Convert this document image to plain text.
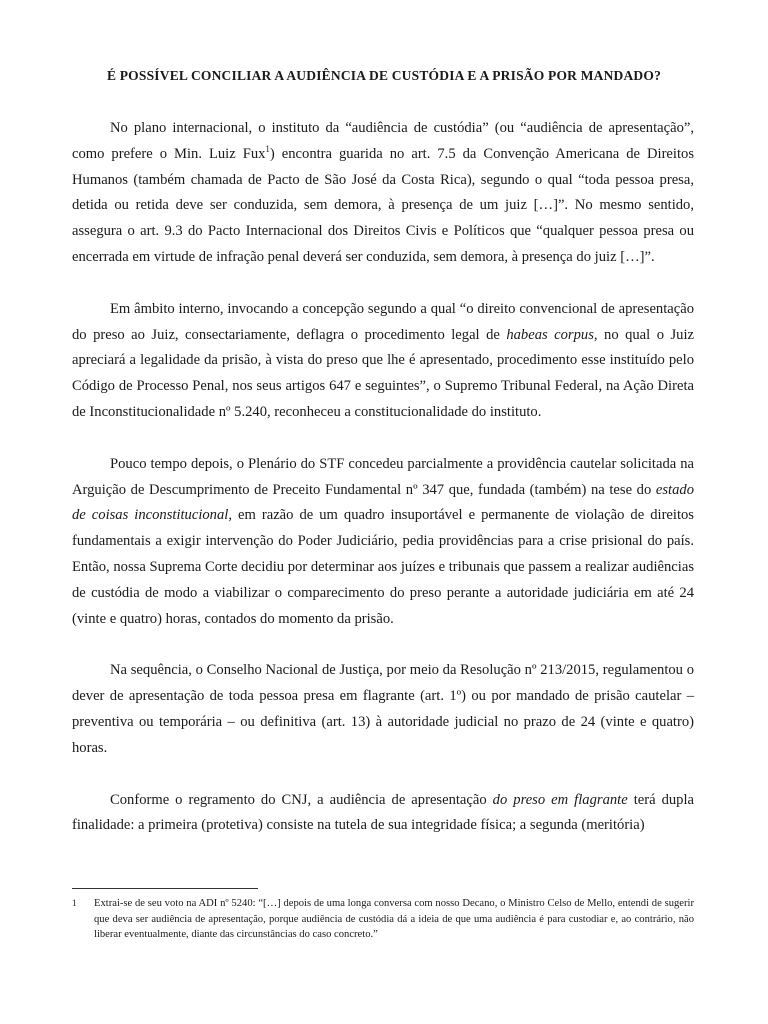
É POSSÍVEL CONCILIAR A AUDIÊNCIA DE CUSTÓDIA E A PRISÃO POR MANDADO?

No plano internacional, o instituto da “audiência de custódia” (ou “audiência de apresentação”, como prefere o Min. Luiz Fux$^1$) encontra guarida no art. 7.5 da Convenção Americana de Direitos Humanos (também chamada de Pacto de São José da Costa Rica), segundo o qual “toda pessoa presa, detida ou retida deve ser conduzida, sem demora, à presença de um juiz […]”. No mesmo sentido, assegura o art. 9.3 do Pacto Internacional dos Direitos Civis e Políticos que “qualquer pessoa presa ou encerrada em virtude de infração penal deverá ser conduzida, sem demora, à presença do juiz […]”.

Em âmbito interno, invocando a concepção segundo a qual “o direito convencional de apresentação do preso ao Juiz, consectariamente, deflagra o procedimento legal de habeas corpus, no qual o Juiz apreciará a legalidade da prisão, à vista do preso que lhe é apresentado, procedimento esse instituído pelo Código de Processo Penal, nos seus artigos 647 e seguintes”, o Supremo Tribunal Federal, na Ação Direta de Inconstitucionalidade nº 5.240, reconheceu a constitucionalidade do instituto.

Pouco tempo depois, o Plenário do STF concedeu parcialmente a providência cautelar solicitada na Arguição de Descumprimento de Preceito Fundamental nº 347 que, fundada (também) na tese do estado de coisas inconstitucional, em razão de um quadro insuportável e permanente de violação de direitos fundamentais a exigir intervenção do Poder Judiciário, pedia providências para a crise prisional do país. Então, nossa Suprema Corte decidiu por determinar aos juízes e tribunais que passem a realizar audiências de custódia de modo a viabilizar o comparecimento do preso perante a autoridade judiciária em até 24 (vinte e quatro) horas, contados do momento da prisão.

Na sequência, o Conselho Nacional de Justiça, por meio da Resolução nº 213/2015, regulamentou o dever de apresentação de toda pessoa presa em flagrante (art. 1º) ou por mandado de prisão cautelar – preventiva ou temporária – ou definitiva (art. 13) à autoridade judicial no prazo de 24 (vinte e quatro) horas.

Conforme o regramento do CNJ, a audiência de apresentação do preso em flagrante terá dupla finalidade: a primeira (protetiva) consiste na tutela de sua integridade física; a segunda (meritória)

1 Extrai-se de seu voto na ADI nº 5240: “[…] depois de uma longa conversa com nosso Decano, o Ministro Celso de Mello, entendi de sugerir que deva ser audiência de apresentação, porque audiência de custódia dá a ideia de que uma audiência é para custodiar e, ao contrário, não liberar eventualmente, diante das circunstâncias do caso concreto.”
